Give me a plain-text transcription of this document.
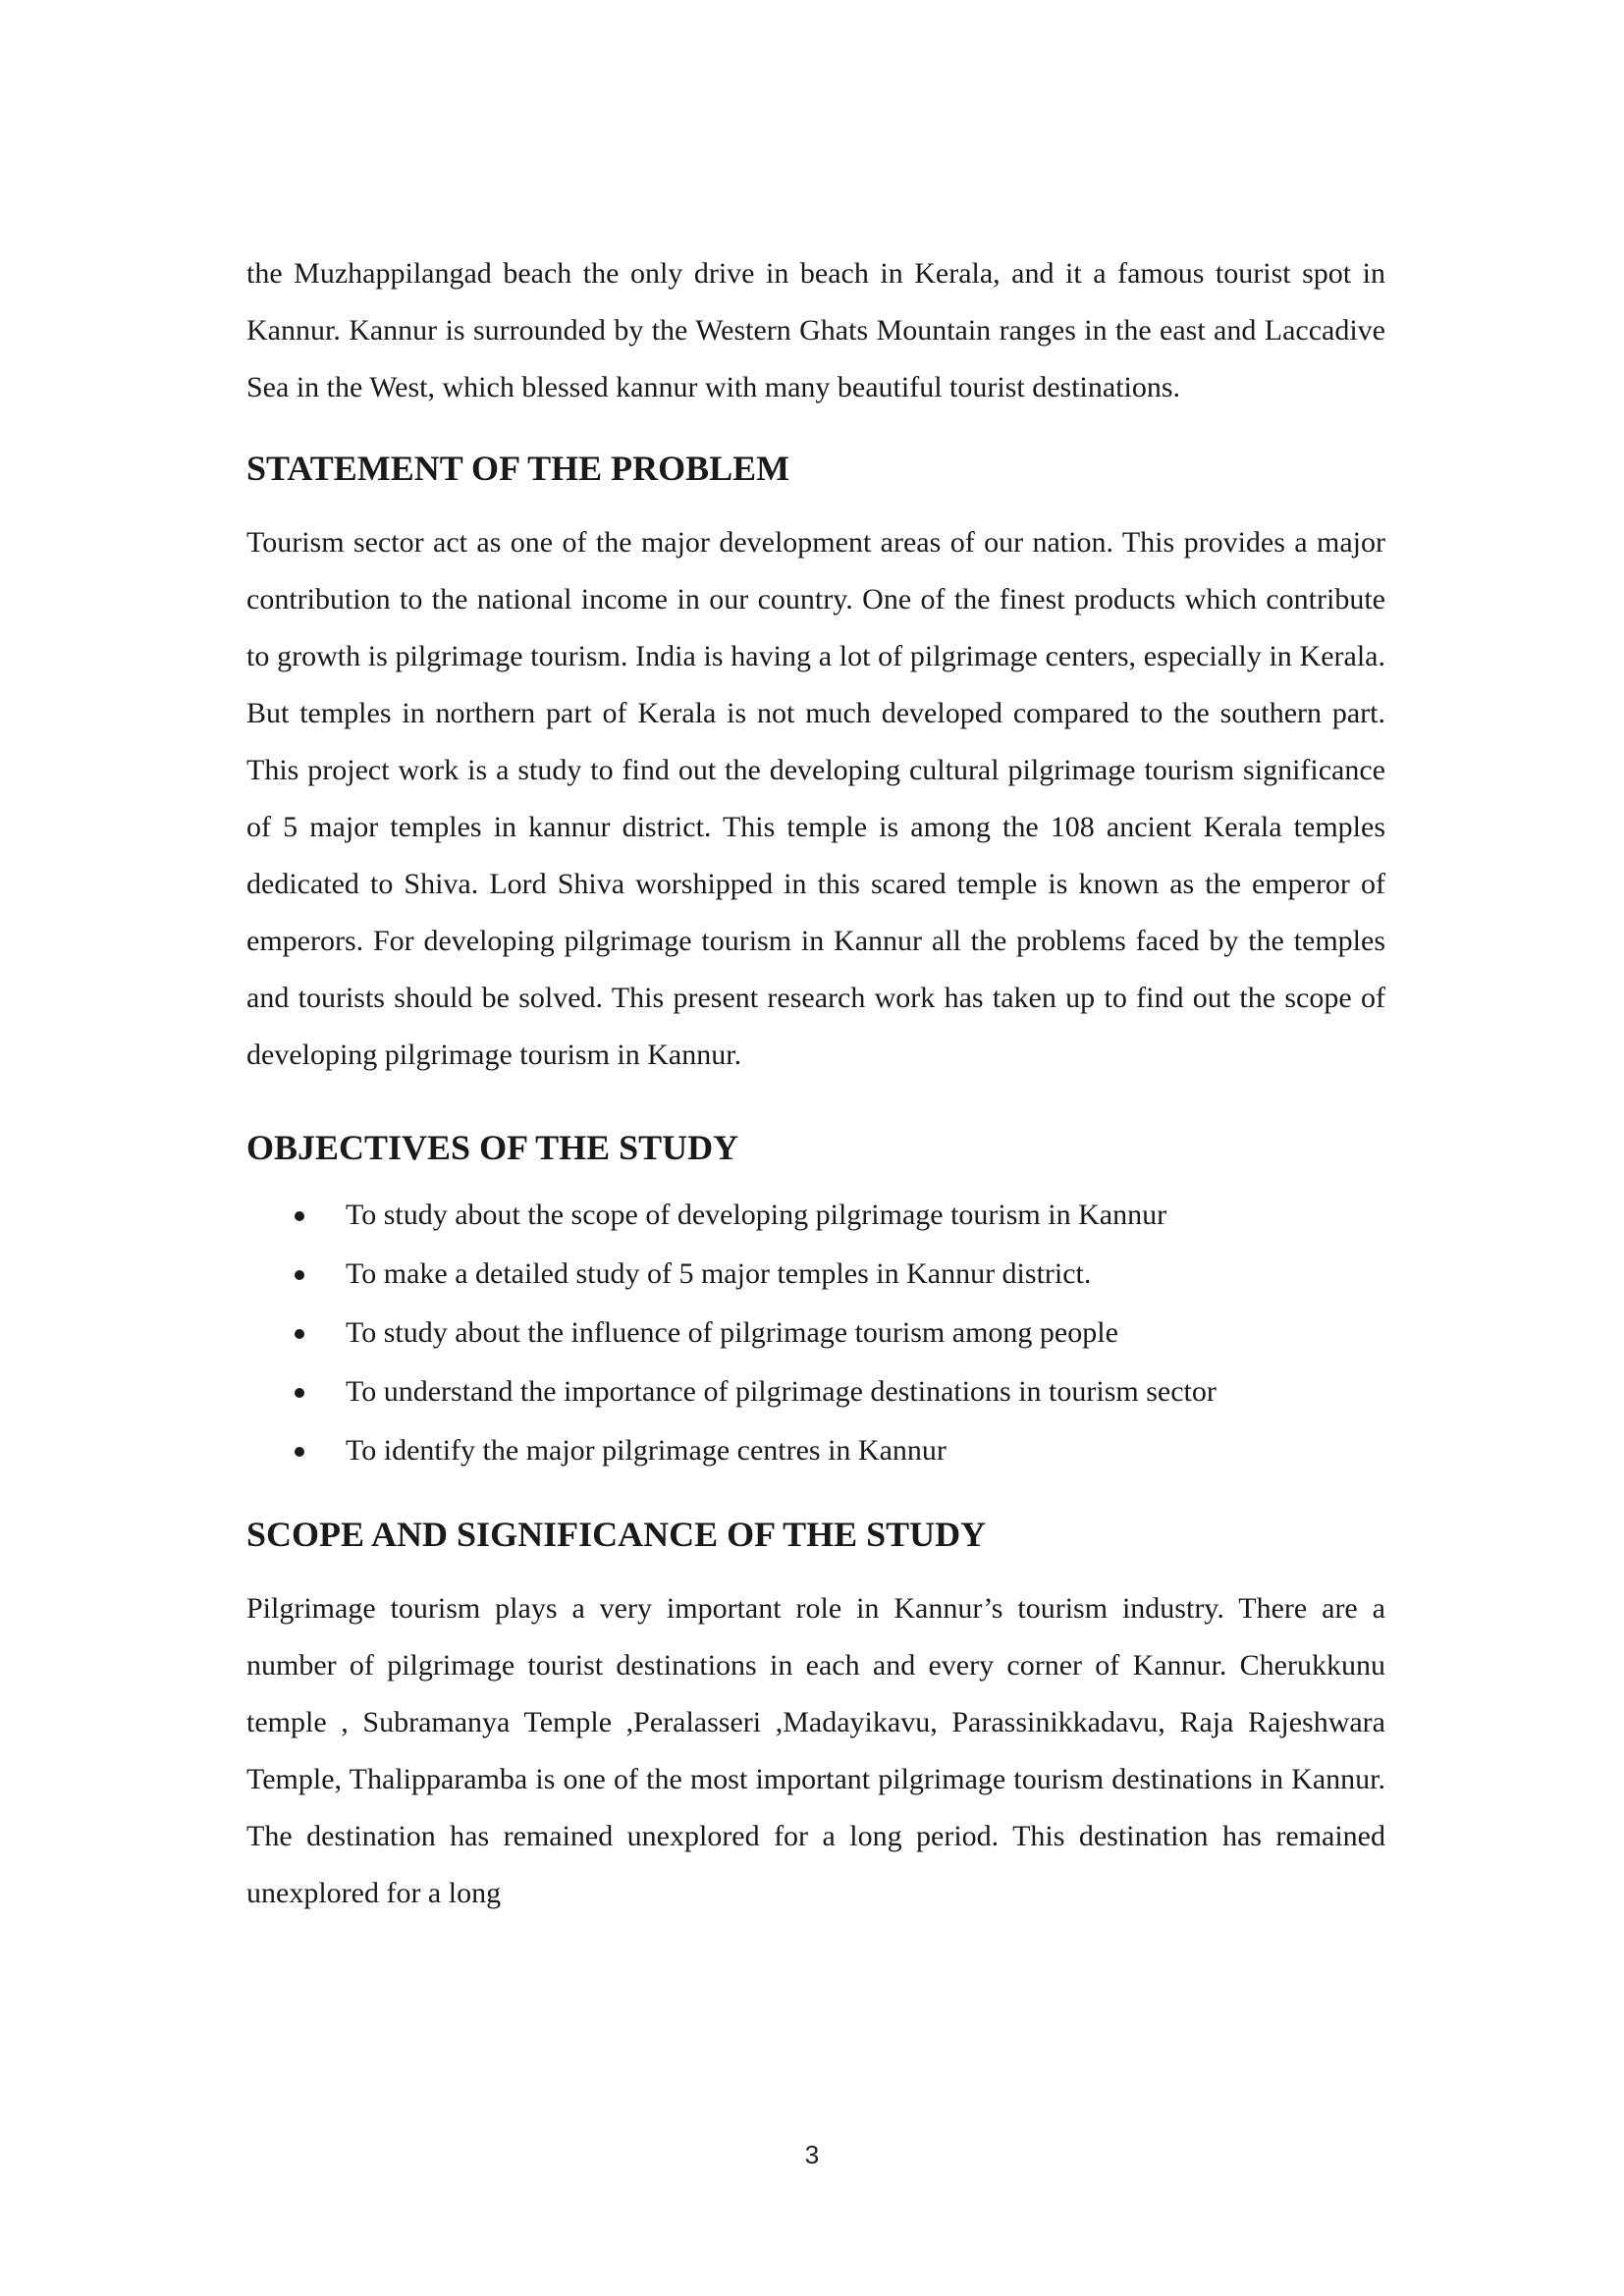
the Muzhappilangad beach the only drive in beach in Kerala, and it a famous tourist spot in Kannur. Kannur is surrounded by the Western Ghats Mountain ranges in the east and Laccadive Sea in the West, which blessed kannur with many beautiful tourist destinations.

STATEMENT OF THE PROBLEM

Tourism sector act as one of the major development areas of our nation. This provides a major contribution to the national income in our country. One of the finest products which contribute to growth is pilgrimage tourism. India is having a lot of pilgrimage centers, especially in Kerala. But temples in northern part of Kerala is not much developed compared to the southern part. This project work is a study to find out the developing cultural pilgrimage tourism significance of 5 major temples in kannur district. This temple is among the 108 ancient Kerala temples dedicated to Shiva. Lord Shiva worshipped in this scared temple is known as the emperor of emperors. For developing pilgrimage tourism in Kannur all the problems faced by the temples and tourists should be solved. This present research work has taken up to find out the scope of developing pilgrimage tourism in Kannur.

OBJECTIVES OF THE STUDY
To study about the scope of developing pilgrimage tourism in Kannur
To make a detailed study of 5 major temples in Kannur district.
To study about the influence of pilgrimage tourism among people
To understand the importance of pilgrimage destinations in tourism sector
To identify the major pilgrimage centres in Kannur
SCOPE AND SIGNIFICANCE OF THE STUDY

Pilgrimage tourism plays a very important role in Kannur’s tourism industry. There are a number of pilgrimage tourist destinations in each and every corner of Kannur. Cherukkunu temple , Subramanya Temple ,Peralasseri ,Madayikavu, Parassinikkadavu, Raja Rajeshwara Temple, Thalipparamba is one of the most important pilgrimage tourism destinations in Kannur. The destination has remained unexplored for a long period. This destination has remained unexplored for a long

3
